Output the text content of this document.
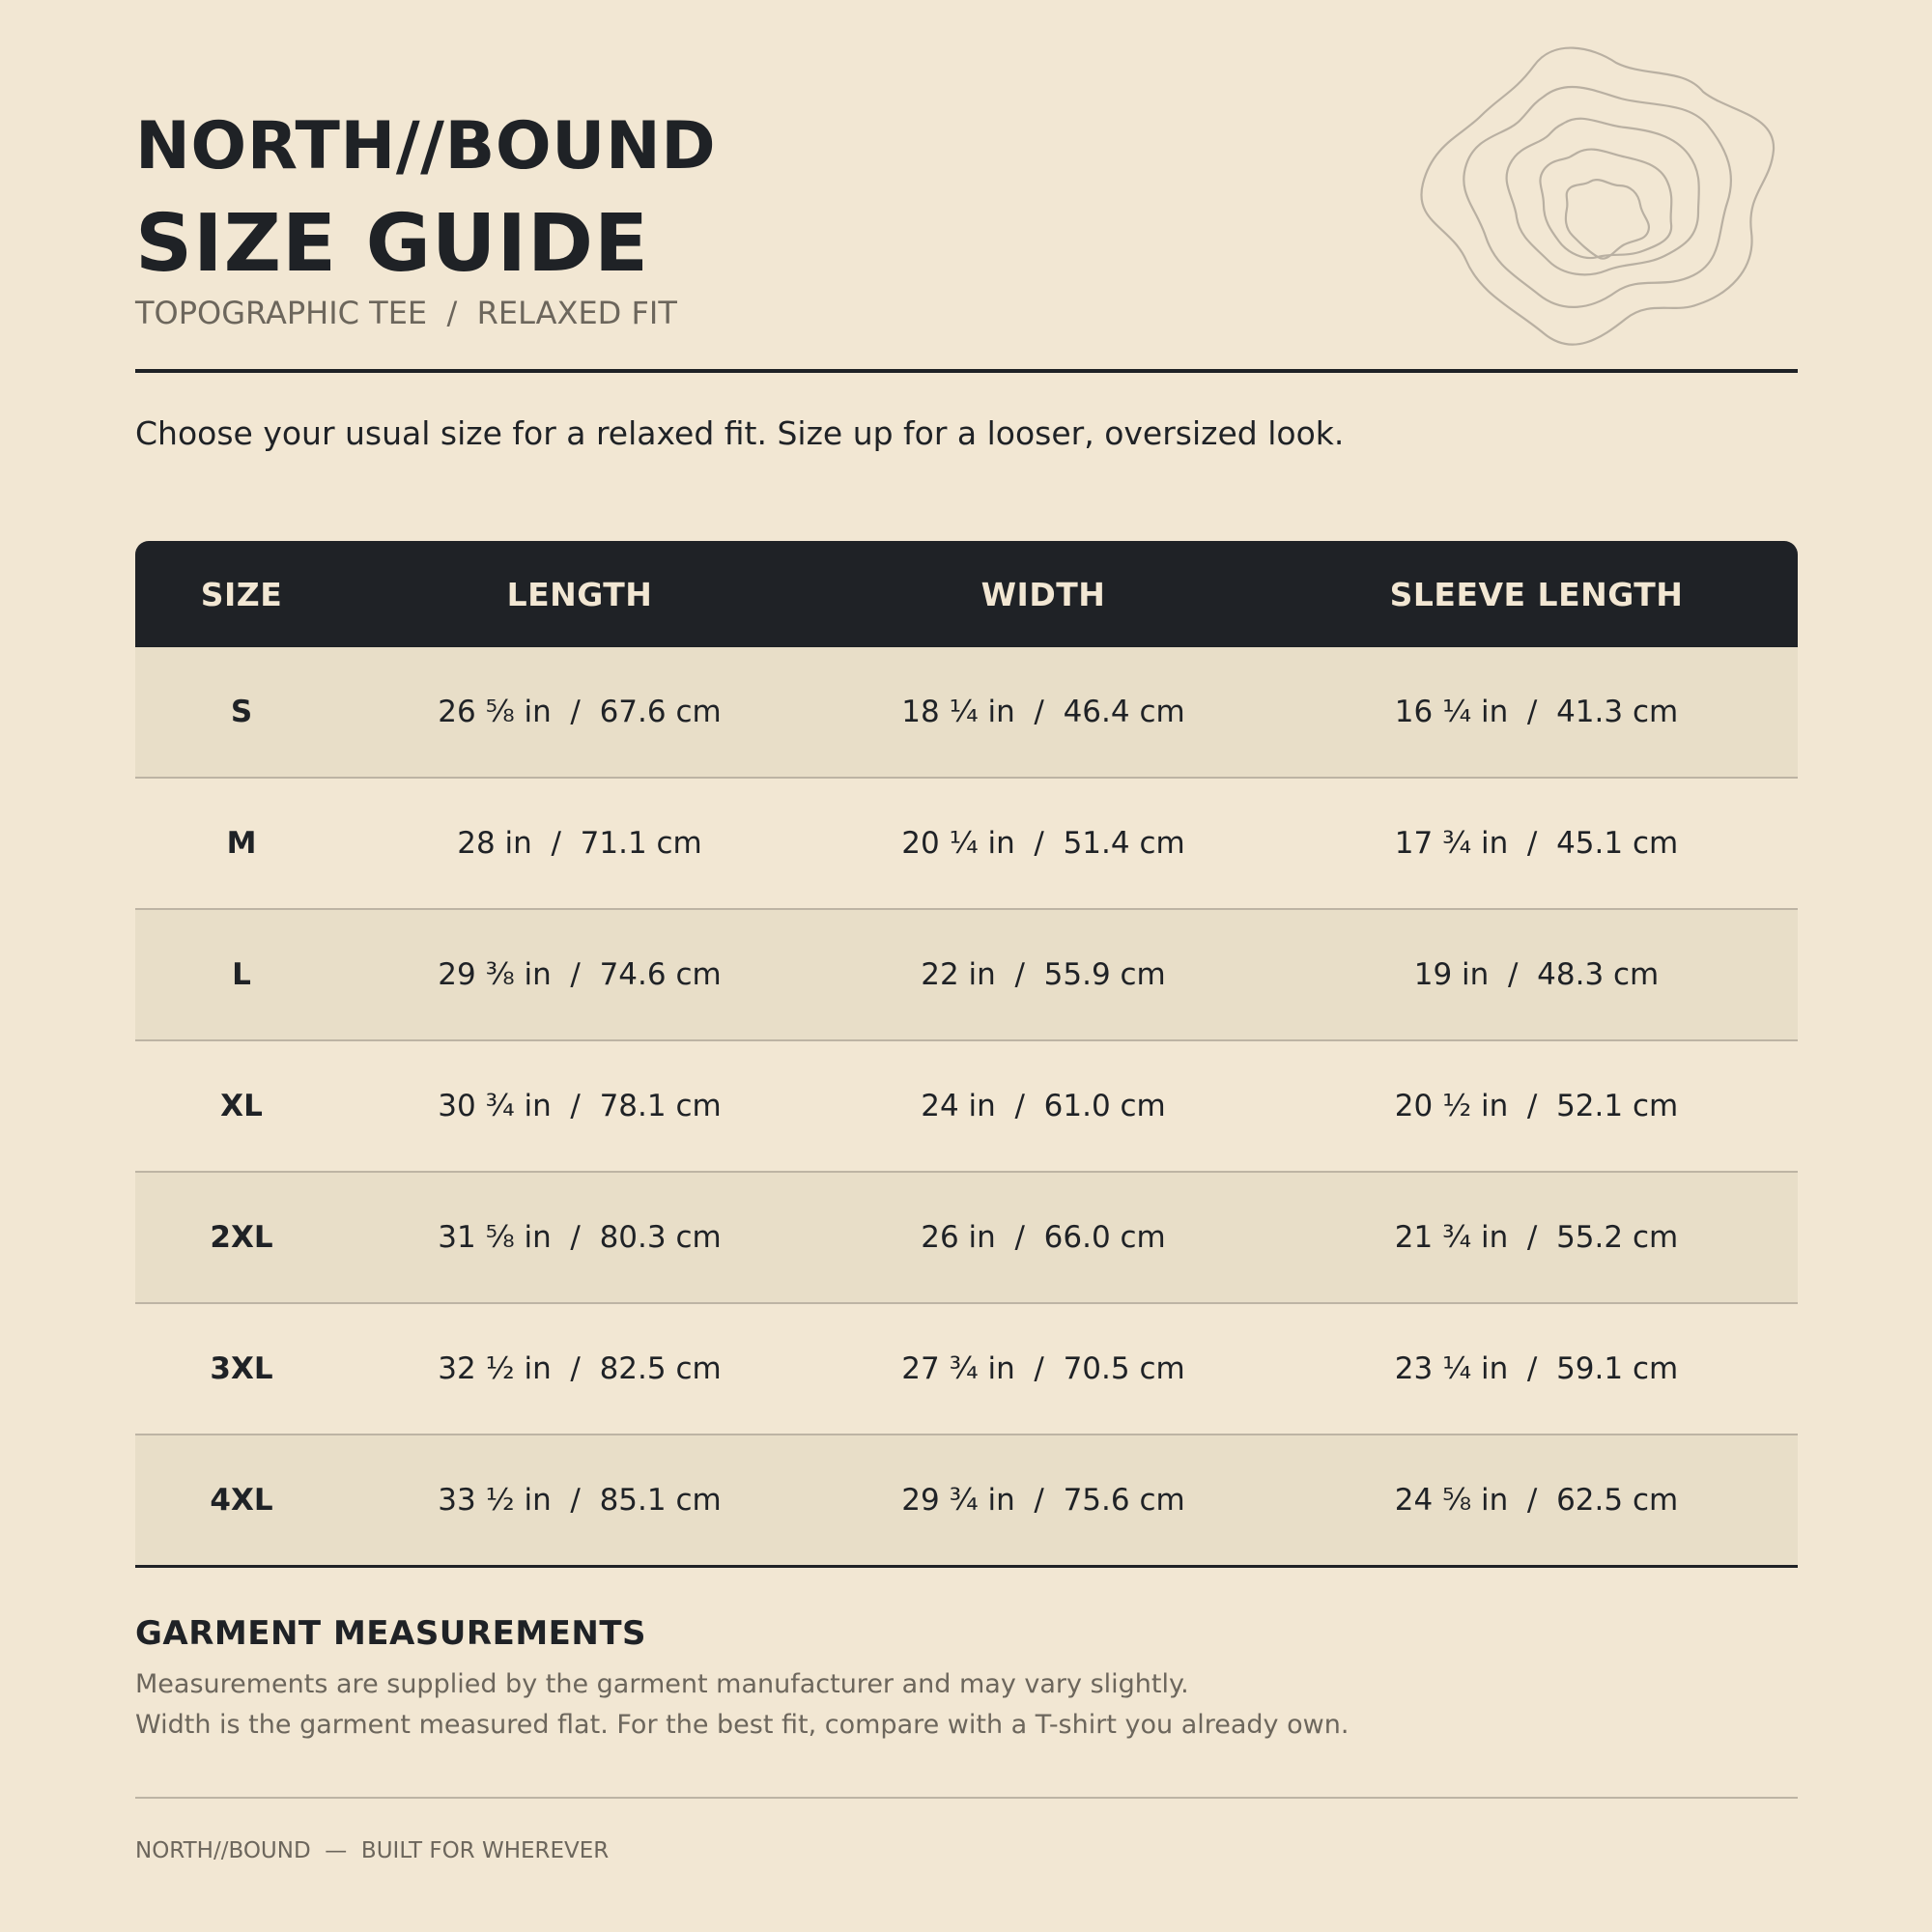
NORTH//BOUND
SIZE GUIDE
TOPOGRAPHIC TEE  /  RELAXED FIT
Choose your usual size for a relaxed fit. Size up for a looser, oversized look.
SIZE	LENGTH	WIDTH	SLEEVE LENGTH
S	26 ⅝ in  /  67.6 cm	18 ¼ in  /  46.4 cm	16 ¼ in  /  41.3 cm
M	28 in  /  71.1 cm	20 ¼ in  /  51.4 cm	17 ¾ in  /  45.1 cm
L	29 ⅜ in  /  74.6 cm	22 in  /  55.9 cm	19 in  /  48.3 cm
XL	30 ¾ in  /  78.1 cm	24 in  /  61.0 cm	20 ½ in  /  52.1 cm
2XL	31 ⅝ in  /  80.3 cm	26 in  /  66.0 cm	21 ¾ in  /  55.2 cm
3XL	32 ½ in  /  82.5 cm	27 ¾ in  /  70.5 cm	23 ¼ in  /  59.1 cm
4XL	33 ½ in  /  85.1 cm	29 ¾ in  /  75.6 cm	24 ⅝ in  /  62.5 cm
GARMENT MEASUREMENTS
Measurements are supplied by the garment manufacturer and may vary slightly.
Width is the garment measured flat. For the best fit, compare with a T-shirt you already own.
NORTH//BOUND  —  BUILT FOR WHEREVER
